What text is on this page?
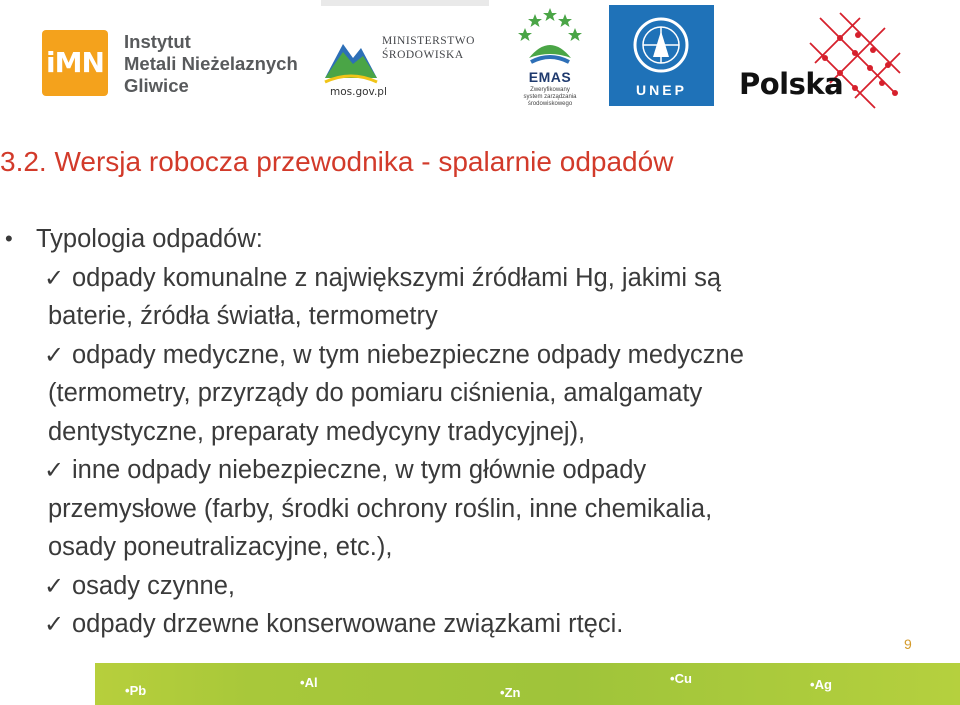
iMN
Instytut
Metali Nieżelaznych
Gliwice
MINISTERSTWO
ŚRODOWISKA
mos.gov.pl
EMAS
Zweryfikowany
system zarządzania
środowiskowego
UNEP	Polska
3.2. Wersja robocza przewodnika - spalarnie odpadów
• Typologia odpadów:
✓ odpady komunalne z największymi źródłami Hg, jakimi są
baterie, źródła światła, termometry
✓ odpady medyczne, w tym niebezpieczne odpady medyczne
(termometry, przyrządy do pomiaru ciśnienia, amalgamaty
dentystyczne, preparaty medycyny tradycyjnej),
✓ inne odpady niebezpieczne, w tym głównie odpady
przemysłowe (farby, środki ochrony roślin, inne chemikalia,
osady poneutralizacyjne, etc.),
✓ osady czynne,
✓ odpady drzewne konserwowane związkami rtęci.
9
• Pb
• Al
• Zn
• Cu
•	Ag
